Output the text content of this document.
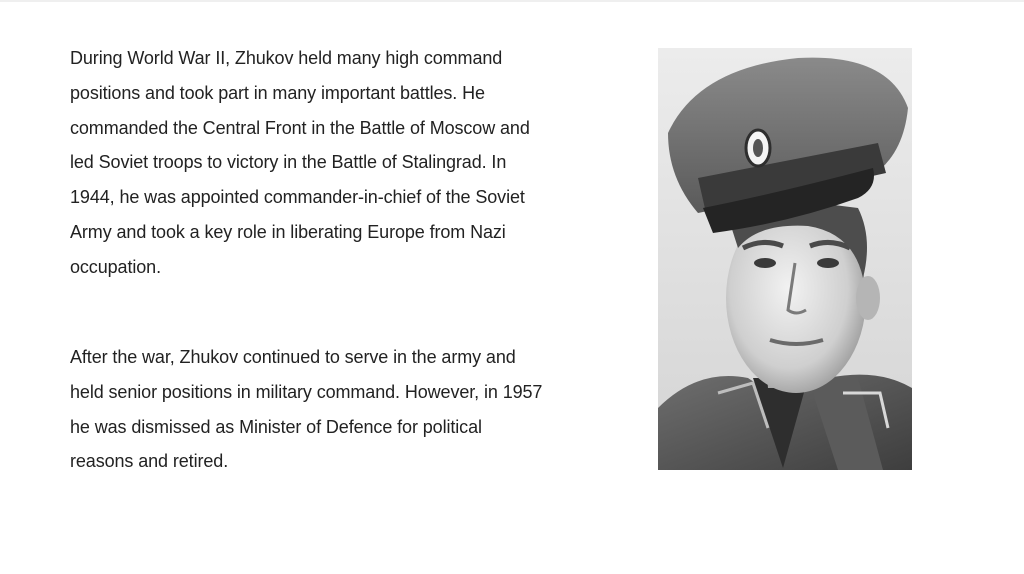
During World War II, Zhukov held many high command positions and took part in many important battles. He commanded the Central Front in the Battle of Moscow and led Soviet troops to victory in the Battle of Stalingrad. In 1944, he was appointed commander-in-chief of the Soviet Army and took a key role in liberating Europe from Nazi occupation.

After the war, Zhukov continued to serve in the army and held senior positions in military command. However, in 1957 he was dismissed as Minister of Defence for political reasons and retired.
